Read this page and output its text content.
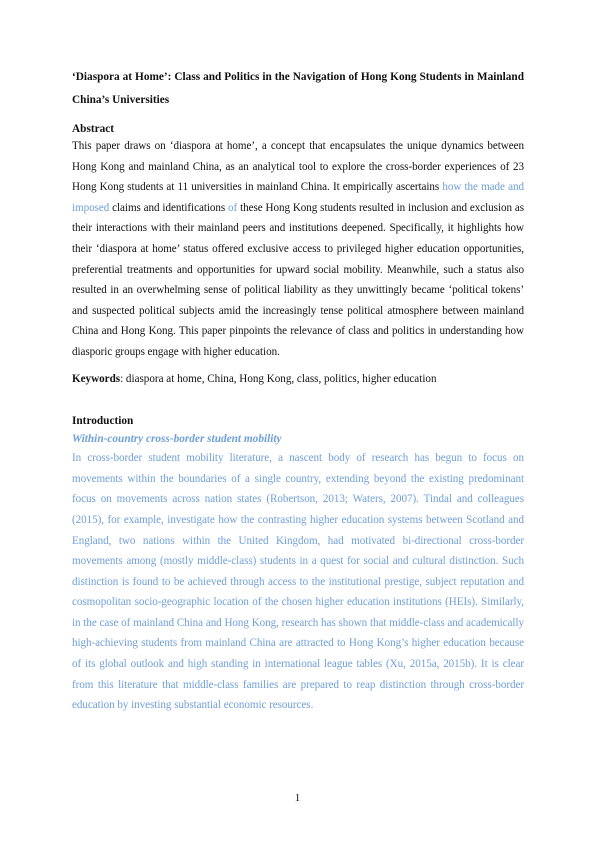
‘Diaspora at Home’: Class and Politics in the Navigation of Hong Kong Students in Mainland China’s Universities

Abstract

This paper draws on ‘diaspora at home’, a concept that encapsulates the unique dynamics between Hong Kong and mainland China, as an analytical tool to explore the cross-border experiences of 23 Hong Kong students at 11 universities in mainland China. It empirically ascertains how the made and imposed claims and identifications of these Hong Kong students resulted in inclusion and exclusion as their interactions with their mainland peers and institutions deepened. Specifically, it highlights how their ‘diaspora at home’ status offered exclusive access to privileged higher education opportunities, preferential treatments and opportunities for upward social mobility. Meanwhile, such a status also resulted in an overwhelming sense of political liability as they unwittingly became ‘political tokens’ and suspected political subjects amid the increasingly tense political atmosphere between mainland China and Hong Kong. This paper pinpoints the relevance of class and politics in understanding how diasporic groups engage with higher education.

Keywords: diaspora at home, China, Hong Kong, class, politics, higher education

Introduction

Within-country cross-border student mobility

In cross-border student mobility literature, a nascent body of research has begun to focus on movements within the boundaries of a single country, extending beyond the existing predominant focus on movements across nation states (Robertson, 2013; Waters, 2007). Tindal and colleagues (2015), for example, investigate how the contrasting higher education systems between Scotland and England, two nations within the United Kingdom, had motivated bi-directional cross-border movements among (mostly middle-class) students in a quest for social and cultural distinction. Such distinction is found to be achieved through access to the institutional prestige, subject reputation and cosmopolitan socio-geographic location of the chosen higher education institutions (HEIs). Similarly, in the case of mainland China and Hong Kong, research has shown that middle-class and academically high-achieving students from mainland China are attracted to Hong Kong’s higher education because of its global outlook and high standing in international league tables (Xu, 2015a, 2015b). It is clear from this literature that middle-class families are prepared to reap distinction through cross-border education by investing substantial economic resources.

1
